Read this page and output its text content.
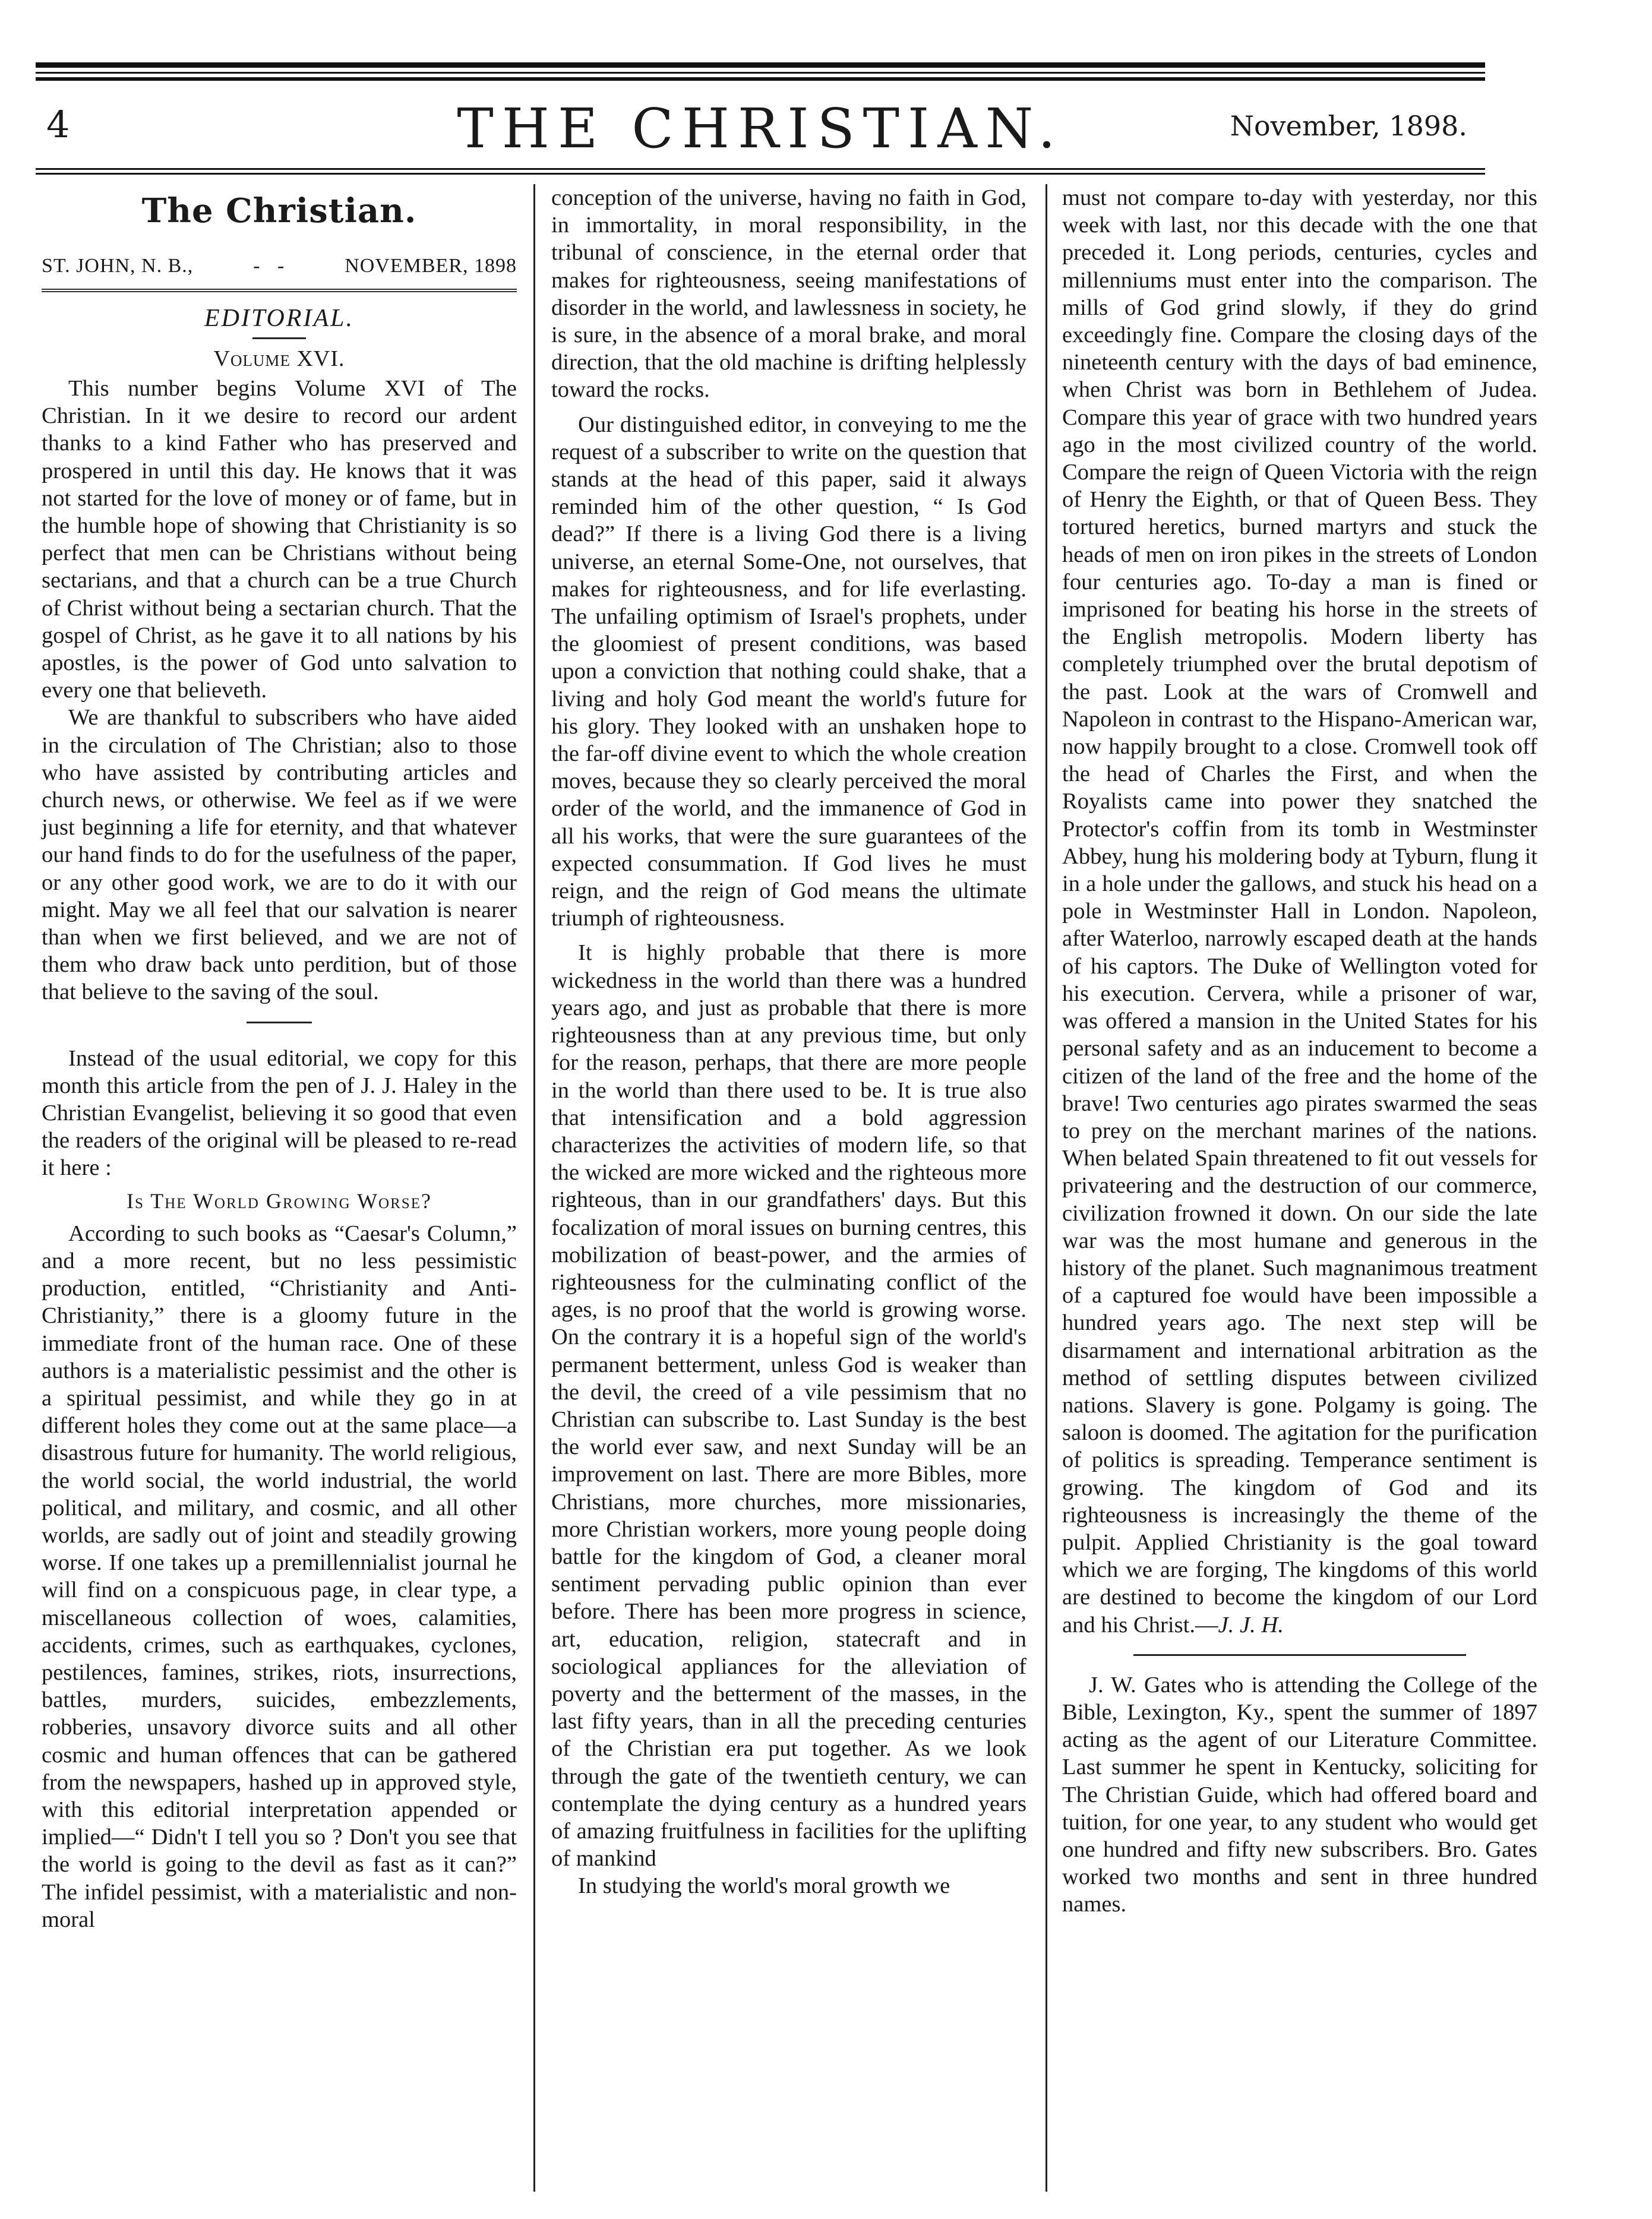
4	THE CHRISTIAN.	November, 1898.
The Christian.
ST. JOHN, N. B.,	-   -	NOVEMBER, 1898
EDITORIAL.
Volume XVI.

This number begins Volume XVI of The Christian. In it we desire to record our ardent thanks to a kind Father who has preserved and prospered in until this day. He knows that it was not started for the love of money or of fame, but in the humble hope of showing that Christianity is so perfect that men can be Christians without being sectarians, and that a church can be a true Church of Christ without being a sectarian church. That the gospel of Christ, as he gave it to all nations by his apostles, is the power of God unto salvation to every one that believeth.

We are thankful to subscribers who have aided in the circulation of The Christian; also to those who have assisted by contributing articles and church news, or otherwise. We feel as if we were just beginning a life for eternity, and that whatever our hand finds to do for the usefulness of the paper, or any other good work, we are to do it with our might. May we all feel that our salvation is nearer than when we first believed, and we are not of them who draw back unto perdition, but of those that believe to the saving of the soul.

Instead of the usual editorial, we copy for this month this article from the pen of J. J. Haley in the Christian Evangelist, believing it so good that even the readers of the original will be pleased to re-read it here :

Is The World Growing Worse?

According to such books as “Caesar's Column,” and a more recent, but no less pessimistic production, entitled, “Christianity and Anti-Christianity,” there is a gloomy future in the immediate front of the human race. One of these authors is a materialistic pessimist and the other is a spiritual pessimist, and while they go in at different holes they come out at the same place—a disastrous future for humanity. The world religious, the world social, the world industrial, the world political, and military, and cosmic, and all other worlds, are sadly out of joint and steadily growing worse. If one takes up a premillennialist journal he will find on a conspicuous page, in clear type, a miscellaneous collection of woes, calamities, accidents, crimes, such as earthquakes, cyclones, pestilences, famines, strikes, riots, insurrections, battles, murders, suicides, embezzlements, robberies, unsavory divorce suits and all other cosmic and human offences that can be gathered from the newspapers, hashed up in approved style, with this editorial interpretation appended or implied—“ Didn't I tell you so ? Don't you see that the world is going to the devil as fast as it can?” The infidel pessimist, with a materialistic and non-moral

conception of the universe, having no faith in God, in immortality, in moral responsibility, in the tribunal of conscience, in the eternal order that makes for righteousness, seeing manifestations of disorder in the world, and lawlessness in society, he is sure, in the absence of a moral brake, and moral direction, that the old machine is drifting helplessly toward the rocks.

Our distinguished editor, in conveying to me the request of a subscriber to write on the question that stands at the head of this paper, said it always reminded him of the other question, “ Is God dead?” If there is a living God there is a living universe, an eternal Some-One, not ourselves, that makes for righteousness, and for life everlasting. The unfailing optimism of Israel's prophets, under the gloomiest of present conditions, was based upon a conviction that nothing could shake, that a living and holy God meant the world's future for his glory. They looked with an unshaken hope to the far-off divine event to which the whole creation moves, because they so clearly perceived the moral order of the world, and the immanence of God in all his works, that were the sure guarantees of the expected consummation. If God lives he must reign, and the reign of God means the ultimate triumph of righteousness.

It is highly probable that there is more wickedness in the world than there was a hundred years ago, and just as probable that there is more righteousness than at any previous time, but only for the reason, perhaps, that there are more people in the world than there used to be. It is true also that intensification and a bold aggression characterizes the activities of modern life, so that the wicked are more wicked and the righteous more righteous, than in our grandfathers' days. But this focalization of moral issues on burning centres, this mobilization of beast-power, and the armies of righteousness for the culminating conflict of the ages, is no proof that the world is growing worse. On the contrary it is a hopeful sign of the world's permanent betterment, unless God is weaker than the devil, the creed of a vile pessimism that no Christian can subscribe to. Last Sunday is the best the world ever saw, and next Sunday will be an improvement on last. There are more Bibles, more Christians, more churches, more missionaries, more Christian workers, more young people doing battle for the kingdom of God, a cleaner moral sentiment pervading public opinion than ever before. There has been more progress in science, art, education, religion, statecraft and in sociological appliances for the alleviation of poverty and the betterment of the masses, in the last fifty years, than in all the preceding centuries of the Christian era put together. As we look through the gate of the twentieth century, we can contemplate the dying century as a hundred years of amazing fruitfulness in facilities for the uplifting of mankind

In studying the world's moral growth we

must not compare to-day with yesterday, nor this week with last, nor this decade with the one that preceded it. Long periods, centuries, cycles and millenniums must enter into the comparison. The mills of God grind slowly, if they do grind exceedingly fine. Compare the closing days of the nineteenth century with the days of bad eminence, when Christ was born in Bethlehem of Judea. Compare this year of grace with two hundred years ago in the most civilized country of the world. Compare the reign of Queen Victoria with the reign of Henry the Eighth, or that of Queen Bess. They tortured heretics, burned martyrs and stuck the heads of men on iron pikes in the streets of London four centuries ago. To-day a man is fined or imprisoned for beating his horse in the streets of the English metropolis. Modern liberty has completely triumphed over the brutal depotism of the past. Look at the wars of Cromwell and Napoleon in contrast to the Hispano-American war, now happily brought to a close. Cromwell took off the head of Charles the First, and when the Royalists came into power they snatched the Protector's coffin from its tomb in Westminster Abbey, hung his moldering body at Tyburn, flung it in a hole under the gallows, and stuck his head on a pole in Westminster Hall in London. Napoleon, after Waterloo, narrowly escaped death at the hands of his captors. The Duke of Wellington voted for his execution. Cervera, while a prisoner of war, was offered a mansion in the United States for his personal safety and as an inducement to become a citizen of the land of the free and the home of the brave! Two centuries ago pirates swarmed the seas to prey on the merchant marines of the nations. When belated Spain threatened to fit out vessels for privateering and the destruction of our commerce, civilization frowned it down. On our side the late war was the most humane and generous in the history of the planet. Such magnanimous treatment of a captured foe would have been impossible a hundred years ago. The next step will be disarmament and international arbitration as the method of settling disputes between civilized nations. Slavery is gone. Polgamy is going. The saloon is doomed. The agitation for the purification of politics is spreading. Temperance sentiment is growing. The kingdom of God and its righteousness is increasingly the theme of the pulpit. Applied Christianity is the goal toward which we are forging, The kingdoms of this world are destined to become the kingdom of our Lord and his Christ.—J. J. H.

J. W. Gates who is attending the College of the Bible, Lexington, Ky., spent the summer of 1897 acting as the agent of our Literature Committee. Last summer he spent in Kentucky, soliciting for The Christian Guide, which had offered board and tuition, for one year, to any student who would get one hundred and fifty new subscribers. Bro. Gates worked two months and sent in three hundred names.
